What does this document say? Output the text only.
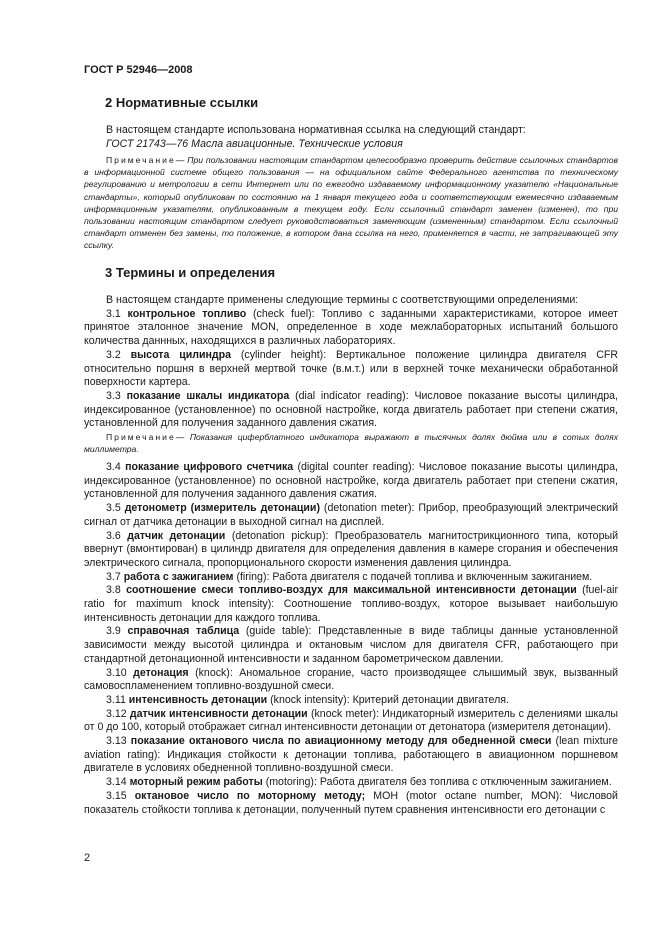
ГОСТ Р 52946—2008
2 Нормативные ссылки

В настоящем стандарте использована нормативная ссылка на следующий стандарт:

ГОСТ 21743—76 Масла авиационные. Технические условия

Примечание— При пользовании настоящим стандартом целесообразно проверить действие ссылочных стандартов в информационной системе общего пользования — на официальном сайте Федерального агентства по техническому регулированию и метрологии в сети Интернет или по ежегодно издаваемому информационному указателю «Национальные стандарты», который опубликован по состоянию на 1 января текущего года и соответствующим ежемесячно издаваемым информационным указателям, опубликованным в текущем году. Если ссылочный стандарт заменен (изменен), то при пользовании настоящим стандартом следует руководствоваться заменяющим (измененным) стандартом. Если ссылочный стандарт отменен без замены, то положение, в котором дана ссылка на него, применяется в части, не затрагивающей эту ссылку.

3 Термины и определения

В настоящем стандарте применены следующие термины с соответствующими определениями:

3.1 контрольное топливо (check fuel): Топливо с заданными характеристиками, которое имеет принятое эталонное значение MON, определенное в ходе межлабораторных испытаний большого количества даннных, находящихся в различных лабораториях.

3.2 высота цилиндра (cylinder height): Вертикальное положение цилиндра двигателя CFR относительно поршня в верхней мертвой точке (в.м.т.) или в верхней точке механически обработанной поверхности картера.

3.3 показание шкалы индикатора (dial indicator reading): Числовое показание высоты цилиндра, индексированное (установленное) по основной настройке, когда двигатель работает при степени сжатия, установленной для получения заданного давления сжатия.

Примечание— Показания циферблатного индикатора выражают в тысячных долях дюйма или в сотых долях миллиметра.

3.4 показание цифрового счетчика (digital counter reading): Числовое показание высоты цилиндра, индексированное (установленное) по основной настройке, когда двигатель работает при степени сжатия, установленной для получения заданного давления сжатия.

3.5 детонометр (измеритель детонации) (detonation meter): Прибор, преобразующий электрический сигнал от датчика детонации в выходной сигнал на дисплей.

3.6 датчик детонации (detonation pickup): Преобразователь магнитострикционного типа, который ввернут (вмонтирован) в цилиндр двигателя для определения давления в камере сгорания и обеспечения электрического сигнала, пропорционального скорости изменения давления цилиндра.

3.7 работа с зажиганием (firing): Работа двигателя с подачей топлива и включенным зажиганием.

3.8 соотношение смеси топливо-воздух для максимальной интенсивности детонации (fuel-air ratio for maximum knock intensity): Соотношение топливо-воздух, которое вызывает наибольшую интенсивность детонации для каждого топлива.

3.9 справочная таблица (guide table): Представленные в виде таблицы данные установленной зависимости между высотой цилиндра и октановым числом для двигателя CFR, работающего при стандартной детонационной интенсивности и заданном барометрическом давлении.

3.10 детонация (knock): Аномальное сгорание, часто производящее слышимый звук, вызванный самовоспламенением топливно-воздушной смеси.

3.11 интенсивность детонации (knock intensity): Критерий детонации двигателя.

3.12 датчик интенсивности детонации (knock meter): Индикаторный измеритель с делениями шкалы от 0 до 100, который отображает сигнал интенсивности детонации от детонатора (измерителя детонации).

3.13 показание октанового числа по авиационному методу для обедненной смеси (lean mixture aviation rating): Индикация стойкости к детонации топлива, работающего в авиационном поршневом двигателе в условиях обедненной топливно-воздушной смеси.

3.14 моторный режим работы (motoring): Работа двигателя без топлива с отключенным зажиганием.

3.15 октановое число по моторному методу; MOH (motor octane number, MON): Числовой показатель стойкости топлива к детонации, полученный путем сравнения интенсивности его детонации с

2
